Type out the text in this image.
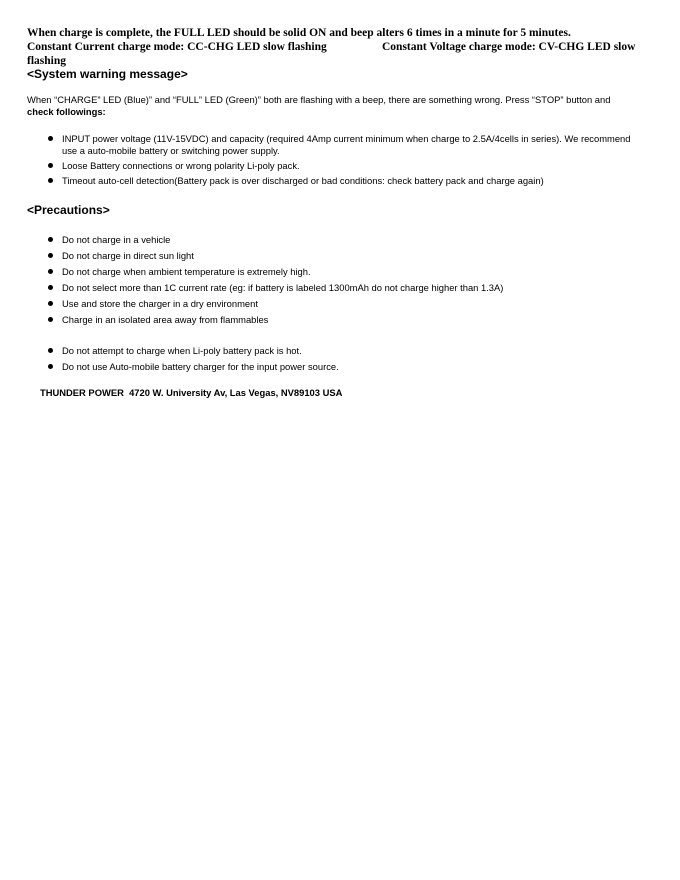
When charge is complete, the FULL LED should be solid ON and beep alters 6 times in a minute for 5 minutes.
Constant Current charge mode: CC-CHG LED slow flashing	Constant Voltage charge mode: CV-CHG LED slow
flashing
<System warning message>
When “CHARGE” LED (Blue)” and “FULL” LED (Green)” both are flashing with a beep, there are something wrong. Press “STOP” button and
check followings:
INPUT power voltage (11V-15VDC) and capacity (required 4Amp current minimum when charge to 2.5A/4cells in series). We recommend use a auto-mobile battery or switching power supply.
Loose Battery connections or wrong polarity Li-poly pack.
Timeout auto-cell detection(Battery pack is over discharged or bad conditions: check battery pack and charge again)
<Precautions>
Do not charge in a vehicle
Do not charge in direct sun light
Do not charge when ambient temperature is extremely high.
Do not select more than 1C current rate (eg: if battery is labeled 1300mAh do not charge higher than 1.3A)
Use and store the charger in a dry environment
Charge in an isolated area away from flammables
Do not attempt to charge when Li-poly battery pack is hot.
Do not use Auto-mobile battery charger for the input power source.
THUNDER POWER  4720 W. University Av, Las Vegas, NV89103 USA
